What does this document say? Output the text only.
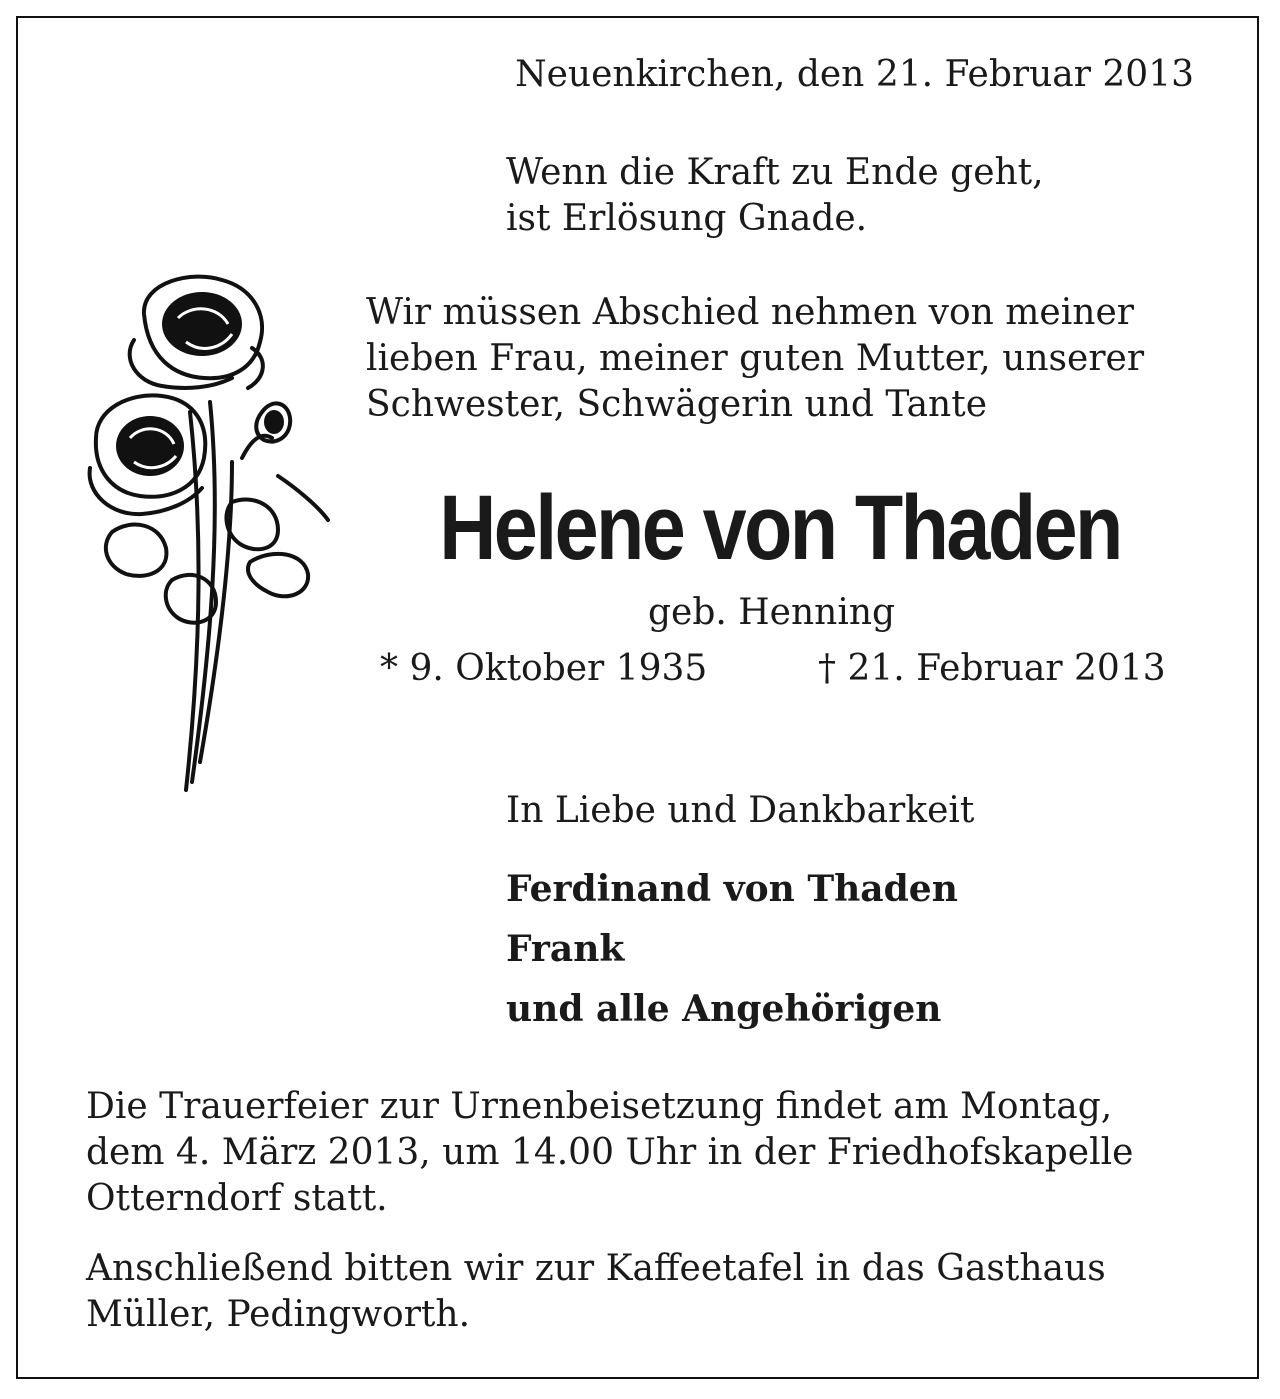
Neuenkirchen, den 21. Februar 2013
Wenn die Kraft zu Ende geht,
ist Erlösung Gnade.
Wir müssen Abschied nehmen von meiner
lieben Frau, meiner guten Mutter, unserer
Schwester, Schwägerin und Tante
Helene von Thaden
geb. Henning
* 9. Oktober 1935	† 21. Februar 2013
In Liebe und Dankbarkeit
Ferdinand von Thaden
Frank
und alle Angehörigen
Die Trauerfeier zur Urnenbeisetzung findet am Montag,
dem 4. März 2013, um 14.00 Uhr in der Friedhofskapelle
Otterndorf statt.
Anschließend bitten wir zur Kaffeetafel in das Gasthaus
Müller, Pedingworth.
